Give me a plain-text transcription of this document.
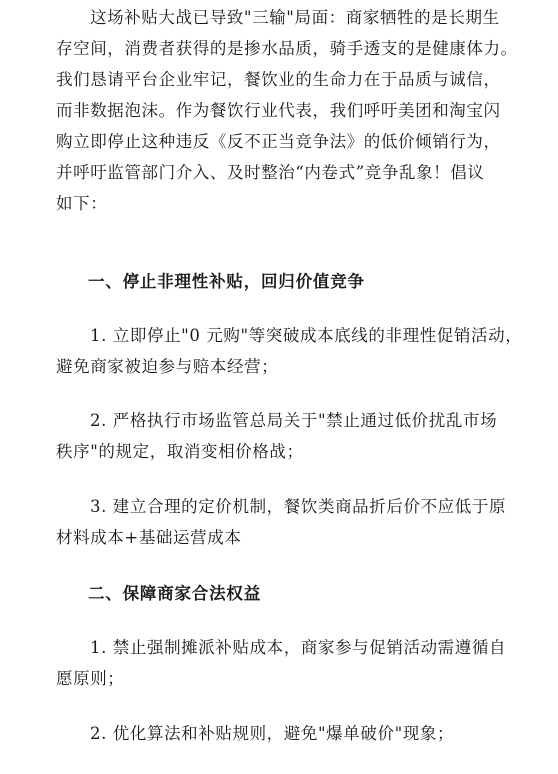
这场补贴大战已导致"三输"局面：商家牺牲的是长期生
存空间，消费者获得的是掺水品质，骑手透支的是健康体力。
我们恳请平台企业牢记，餐饮业的生命力在于品质与诚信，
而非数据泡沫。作为餐饮行业代表，我们呼吁美团和淘宝闪
购立即停止这种违反《反不正当竞争法》的低价倾销行为，
并呼吁监管部门介入、及时整治“内卷式”竞争乱象！倡议
如下：

一、停止非理性补贴，回归价值竞争

1. 立即停止"0 元购"等突破成本底线的非理性促销活动，
避免商家被迫参与赔本经营；

2. 严格执行市场监管总局关于"禁止通过低价扰乱市场
秩序"的规定，取消变相价格战；

3. 建立合理的定价机制，餐饮类商品折后价不应低于原
材料成本+基础运营成本

二、保障商家合法权益

1. 禁止强制摊派补贴成本，商家参与促销活动需遵循自
愿原则；

2. 优化算法和补贴规则，避免"爆单破价"现象；
